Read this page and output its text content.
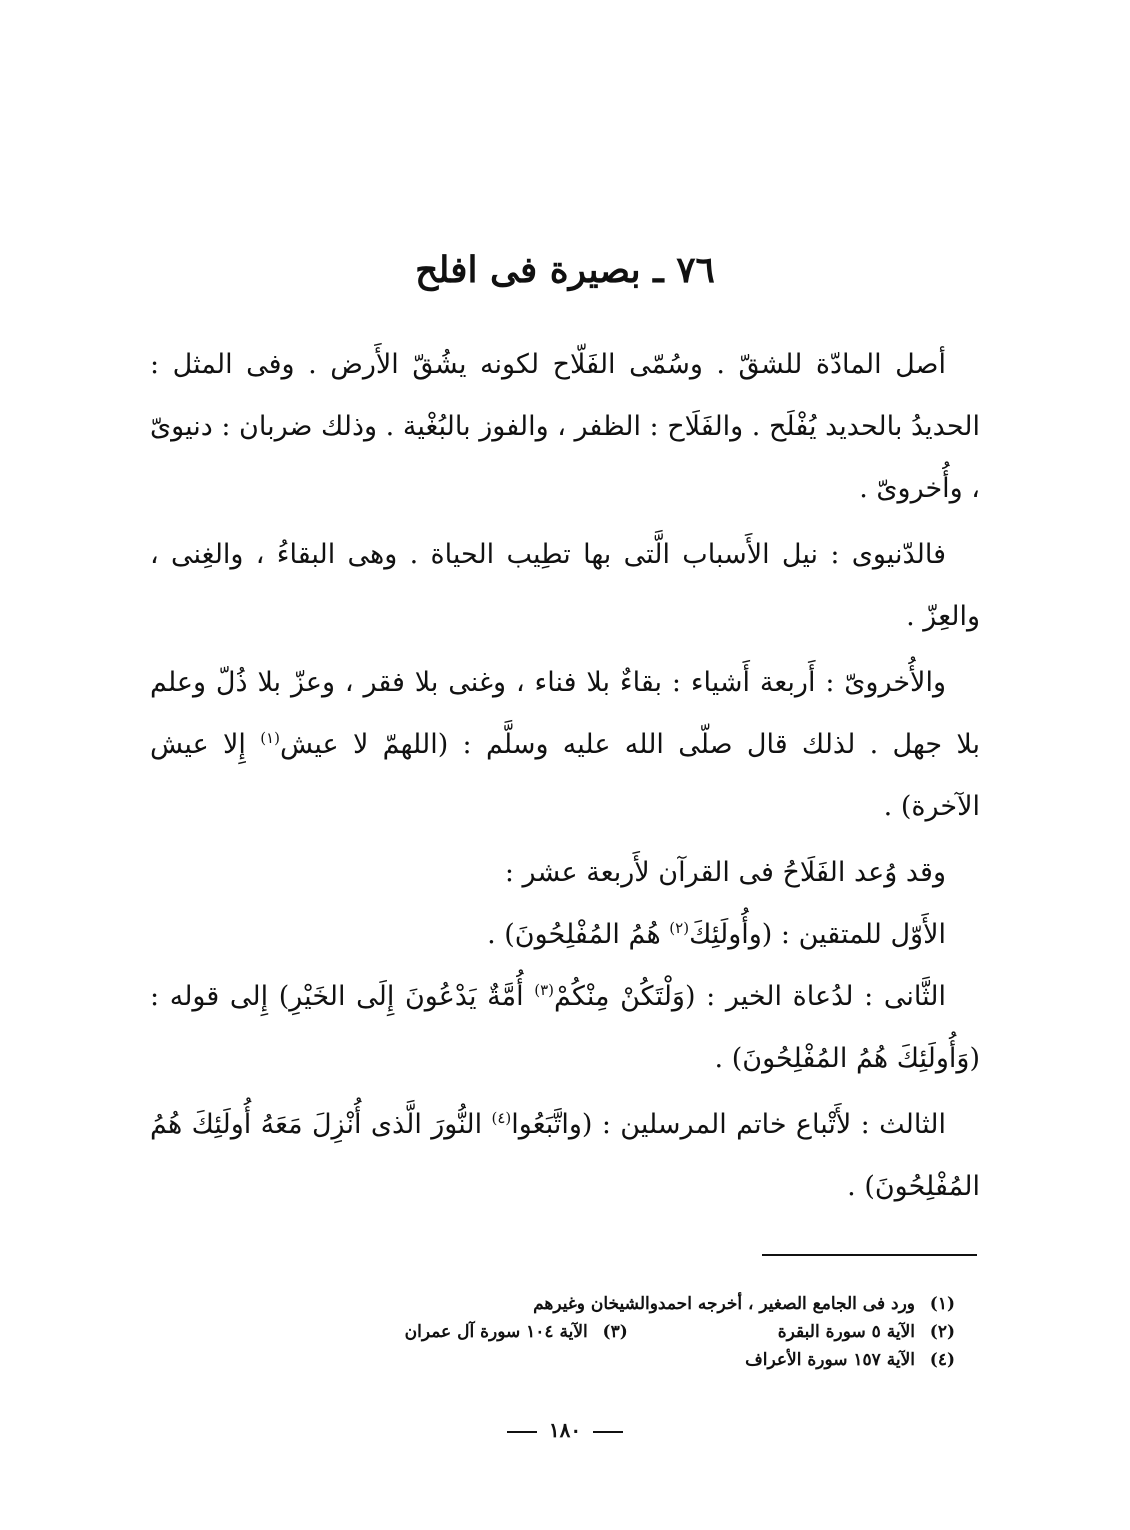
٧٦ ـ بصيرة فى افلح

أصل المادّة للشقّ . وسُمّى الفَلّاح لكونه يشُقّ الأَرض . وفى المثل : الحديدُ بالحديد يُفْلَح . والفَلَاح : الظفر ، والفوز بالبُغْية . وذلك ضربان : دنيوىّ ، وأُخروىّ .

فالدّنيوى : نيل الأَسباب الَّتى بها تطِيب الحياة . وهى البقاءُ ، والغِنى ، والعِزّ .

والأُخروىّ : أَربعة أَشياء : بقاءٌ بلا فناء ، وغنى بلا فقر ، وعزّ بلا ذُلّ وعلم بلا جهل . لذلك قال صلّى الله عليه وسلَّم : (اللهمّ لا عيش$^{(١)}$ إِلا عيش الآخرة) .

وقد وُعد الفَلَاحُ فى القرآن لأَربعة عشر :

الأَوّل للمتقين : (وأُولَئِكَ$^{(٢)}$ هُمُ المُفْلِحُونَ) .

الثَّانى : لدُعاة الخير : (وَلْتَكُنْ مِنْكُمْ$^{(٣)}$ أُمَّةٌ يَدْعُونَ إِلَى الخَيْرِ) إِلى قوله : (وَأُولَئِكَ هُمُ المُفْلِحُونَ) .

الثالث : لأَتْباع خاتم المرسلين : (واتَّبَعُوا$^{(٤)}$ النُّورَ الَّذى أُنْزِلَ مَعَهُ أُولَئِكَ هُمُ المُفْلِحُونَ) .

(١)
ورد فى الجامع الصغير ، أخرجه احمدوالشيخان وغيرهم
(٢)
الآية ٥ سورة البقرة
(٣)
الآية ١٠٤ سورة آل عمران
(٤)
الآية ١٥٧ سورة الأعراف
١٨٠
